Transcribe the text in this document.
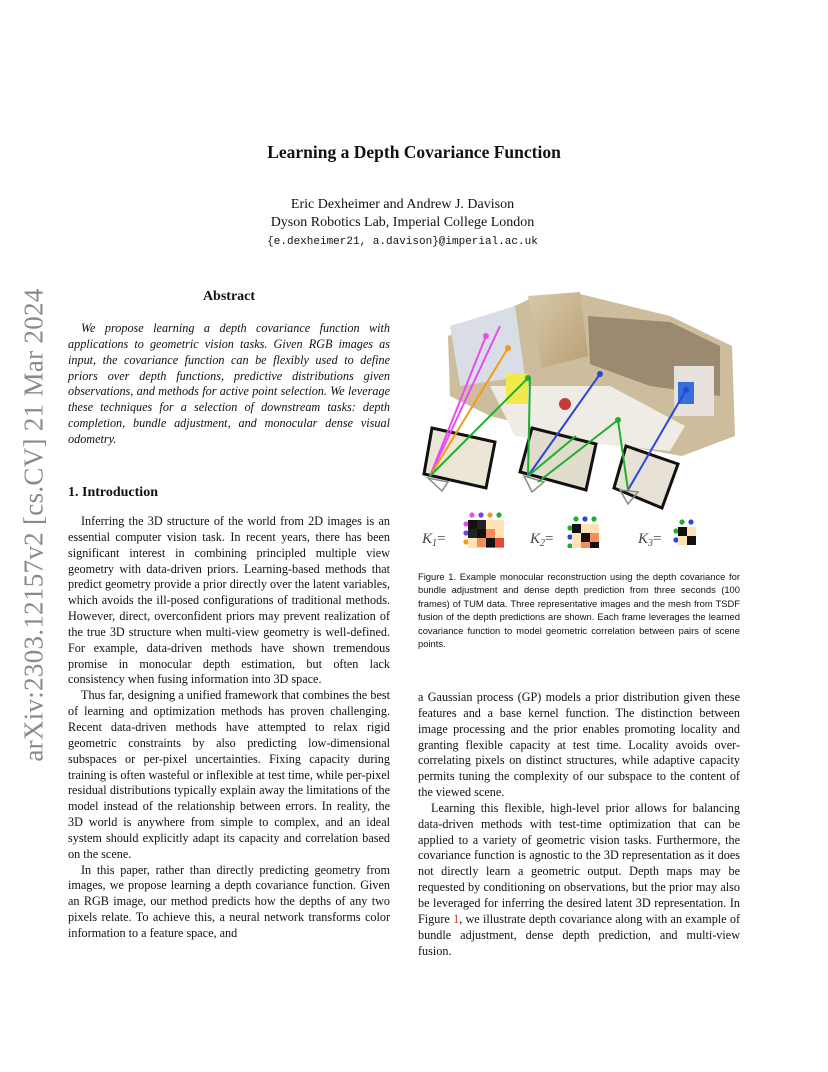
Learning a Depth Covariance Function
Eric Dexheimer and Andrew J. Davison
Dyson Robotics Lab, Imperial College London
{e.dexheimer21, a.davison}@imperial.ac.uk
arXiv:2303.12157v2 [cs.CV] 21 Mar 2024	Abstract

We propose learning a depth covariance function with applications to geometric vision tasks. Given RGB images as input, the covariance function can be flexibly used to define priors over depth functions, predictive distributions given observations, and methods for active point selection. We leverage these techniques for a selection of downstream tasks: depth completion, bundle adjustment, and monocular dense visual odometry.

1. Introduction

Inferring the 3D structure of the world from 2D images is an essential computer vision task. In recent years, there has been significant interest in combining principled multiple view geometry with data-driven priors. Learning-based methods that predict geometry provide a prior directly over the latent variables, which avoids the ill-posed configurations of traditional methods. However, direct, overconfident priors may prevent realization of the true 3D structure when multi-view geometry is well-defined. For example, data-driven methods have shown tremendous promise in monocular depth estimation, but often lack consistency when fusing information into 3D space.

Thus far, designing a unified framework that combines the best of learning and optimization methods has proven challenging. Recent data-driven methods have attempted to relax rigid geometric constraints by also predicting low-dimensional subspaces or per-pixel uncertainties. Fixing capacity during training is often wasteful or inflexible at test time, while per-pixel residual distributions typically explain away the limitations of the model instead of the relationship between errors. In reality, the 3D world is anywhere from simple to complex, and an ideal system should explicitly adapt its capacity and correlation based on the scene.

In this paper, rather than directly predicting geometry from images, we propose learning a depth covariance function. Given an RGB image, our method predicts how the depths of any two pixels relate. To achieve this, a neural network transforms color information to a feature space, and

a Gaussian process (GP) models a prior distribution given these features and a base kernel function. The distinction between image processing and the prior enables promoting locality and granting flexible capacity at test time. Locality avoids over-correlating pixels on distinct structures, while adaptive capacity permits tuning the complexity of our subspace to the content of the viewed scene.

Learning this flexible, high-level prior allows for balancing data-driven methods with test-time optimization that can be applied to a variety of geometric vision tasks. Furthermore, the covariance function is agnostic to the 3D representation as it does not directly learn a geometric output. Depth maps may be requested by conditioning on observations, but the prior may also be leveraged for inferring the desired latent 3D representation. In Figure 1, we illustrate depth covariance along with an example of bundle adjustment, dense depth prediction, and multi-view fusion.

$K_1=$	$K_2=$	$K_3=$
Figure 1. Example monocular reconstruction using the depth covariance for bundle adjustment and dense depth prediction from three seconds (100 frames) of TUM data. Three representative images and the mesh from TSDF fusion of the depth predictions are shown. Each frame leverages the learned covariance function to model geometric correlation between pairs of scene points.
